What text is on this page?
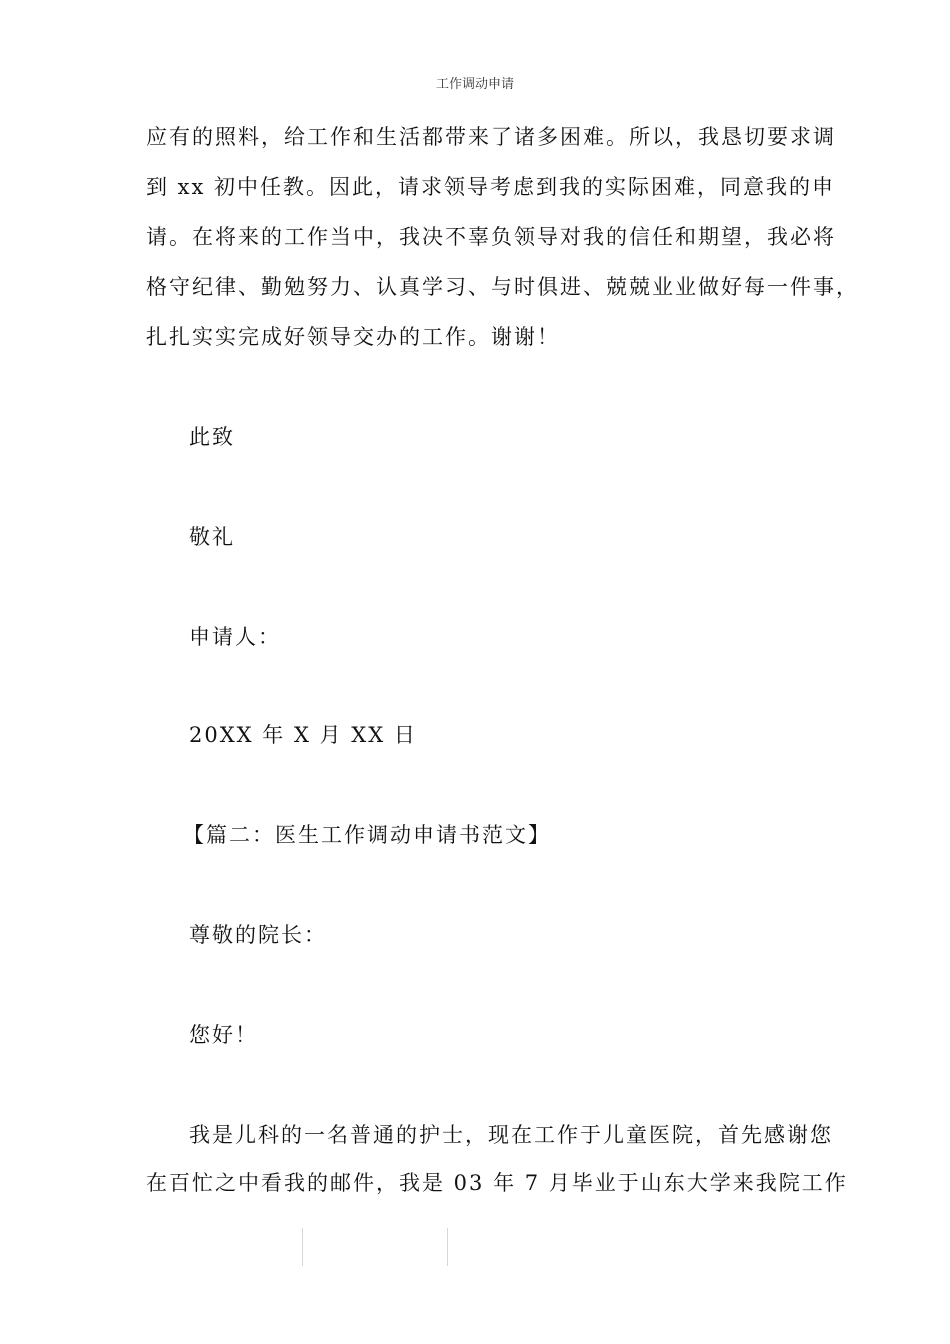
工作调动申请

应有的照料，给工作和生活都带来了诸多困难。所以，我恳切要求调

到 xx 初中任教。因此，请求领导考虑到我的实际困难，同意我的申

请。在将来的工作当中，我决不辜负领导对我的信任和期望，我必将

格守纪律、勤勉努力、认真学习、与时俱进、兢兢业业做好每一件事，

扎扎实实完成好领导交办的工作。谢谢！

此致

敬礼

申请人：

20XX 年 X 月 XX 日

【篇二：医生工作调动申请书范文】

尊敬的院长：

您好！

我是儿科的一名普通的护士，现在工作于儿童医院，首先感谢您

在百忙之中看我的邮件，我是 03 年 7 月毕业于山东大学来我院工作
